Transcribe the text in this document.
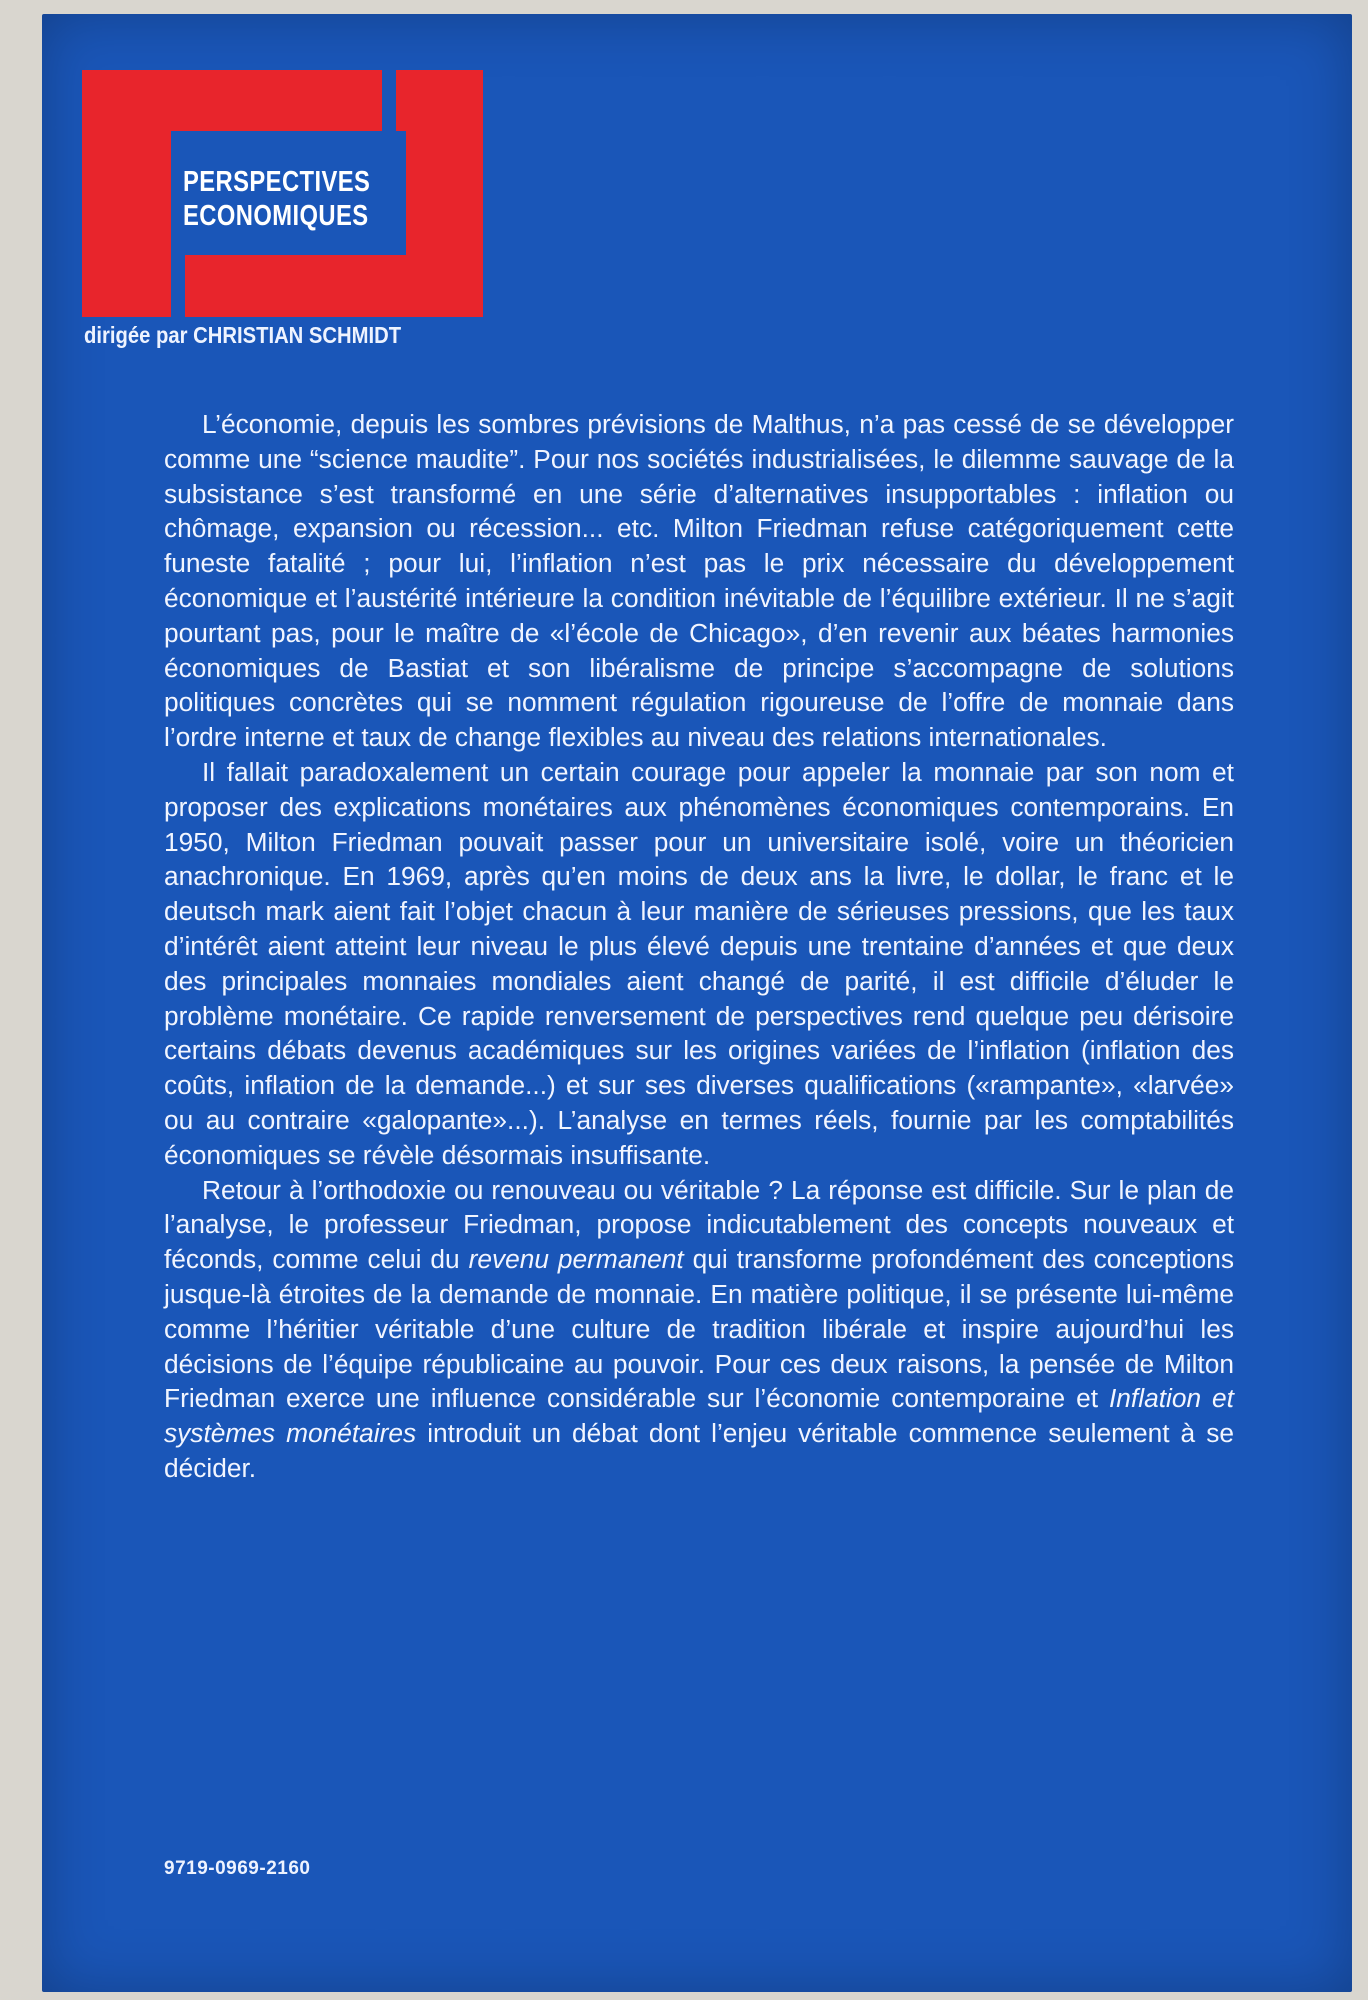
PERSPECTIVES
ECONOMIQUES
dirigée par CHRISTIAN SCHMIDT

L’économie, depuis les sombres prévisions de Malthus, n’a pas cessé de se développer comme une “science maudite”. Pour nos sociétés industrialisées, le dilemme sauvage de la subsistance s’est transformé en une série d’alternatives insupportables : inflation ou chômage, expansion ou récession... etc. Milton Friedman refuse catégoriquement cette funeste fatalité ; pour lui, l’inflation n’est pas le prix nécessaire du développement économique et l’austérité intérieure la condition inévitable de l’équilibre extérieur. Il ne s’agit pourtant pas, pour le maître de «l’école de Chicago», d’en revenir aux béates harmonies économiques de Bastiat et son libéralisme de principe s’accompagne de solutions politiques concrètes qui se nomment régulation rigoureuse de l’offre de monnaie dans l’ordre interne et taux de change flexibles au niveau des relations internationales.

Il fallait paradoxalement un certain courage pour appeler la monnaie par son nom et proposer des explications monétaires aux phénomènes économiques contemporains. En 1950, Milton Friedman pouvait passer pour un universitaire isolé, voire un théoricien anachronique. En 1969, après qu’en moins de deux ans la livre, le dollar, le franc et le deutsch mark aient fait l’objet chacun à leur manière de sérieuses pressions, que les taux d’intérêt aient atteint leur niveau le plus élevé depuis une trentaine d’années et que deux des principales monnaies mondiales aient changé de parité, il est difficile d’éluder le problème monétaire. Ce rapide renversement de perspectives rend quelque peu dérisoire certains débats devenus académiques sur les origines variées de l’inflation (inflation des coûts, inflation de la demande...) et sur ses diverses qualifications («rampante», «larvée» ou au contraire «galopante»...). L’analyse en termes réels, fournie par les comptabilités économiques se révèle désormais insuffisante.

Retour à l’orthodoxie ou renouveau ou véritable ? La réponse est difficile. Sur le plan de l’analyse, le professeur Friedman, propose indicutablement des concepts nouveaux et féconds, comme celui du revenu permanent qui transforme profondément des conceptions jusque-là étroites de la demande de monnaie. En matière politique, il se présente lui-même comme l’héritier véritable d’une culture de tradition libérale et inspire aujourd’hui les décisions de l’équipe républicaine au pouvoir. Pour ces deux raisons, la pensée de Milton Friedman exerce une influence considérable sur l’économie contemporaine et Inflation et systèmes monétaires introduit un débat dont l’enjeu véritable commence seulement à se décider.

9719-0969-2160
